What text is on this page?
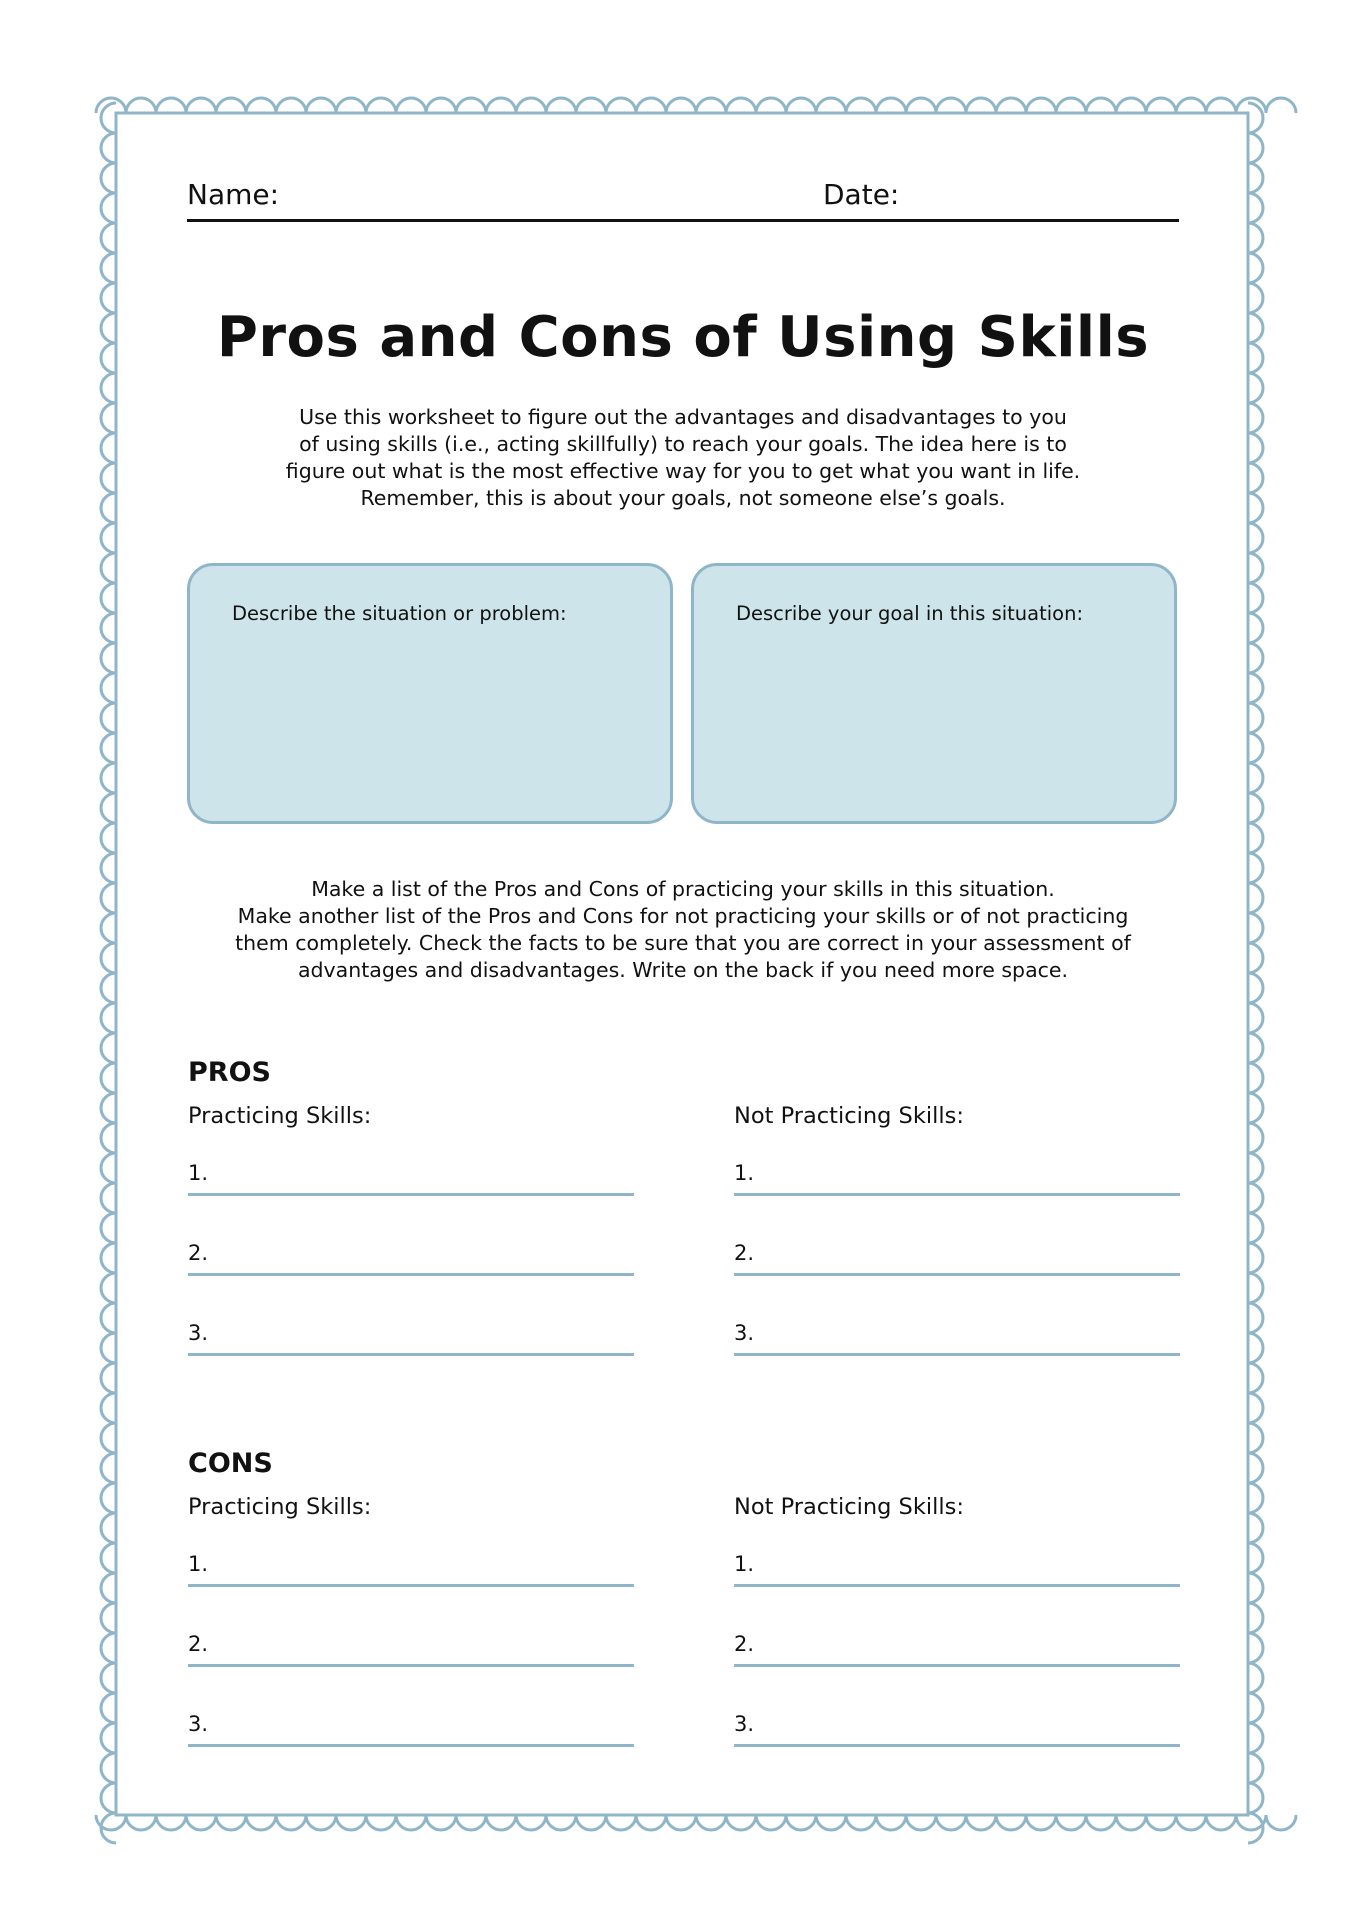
Name:	Date:
Pros and Cons of Using Skills
Use this worksheet to figure out the advantages and disadvantages to you
of using skills (i.e., acting skillfully) to reach your goals. The idea here is to
figure out what is the most effective way for you to get what you want in life.
Remember, this is about your goals, not someone else’s goals.
Describe the situation or problem:	Describe your goal in this situation:
Make a list of the Pros and Cons of practicing your skills in this situation.
Make another list of the Pros and Cons for not practicing your skills or of not practicing
them completely. Check the facts to be sure that you are correct in your assessment of
advantages and disadvantages. Write on the back if you need more space.
PROS
Practicing Skills:	Not Practicing Skills:
1.
2.
3.
1.
2.
3.
CONS
Practicing Skills:	Not Practicing Skills:
1.
2.
3.
1.
2.
3.
